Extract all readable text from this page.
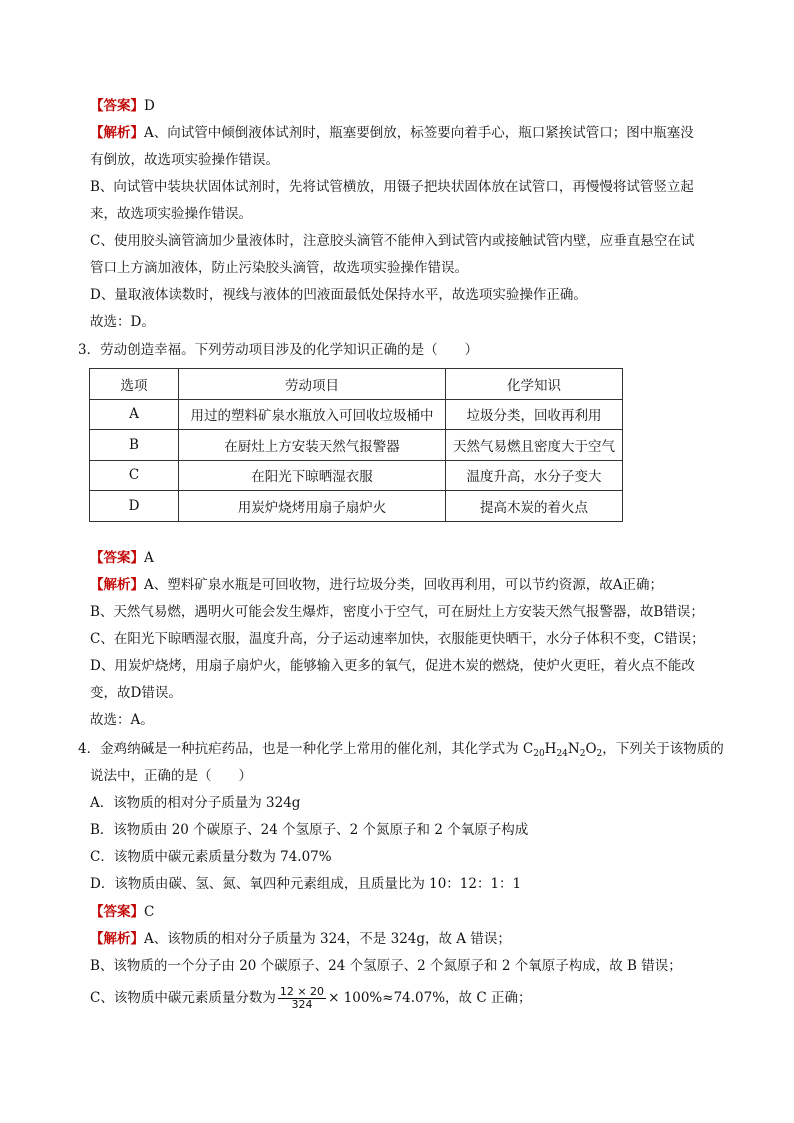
【答案】D
【解析】A、向试管中倾倒液体试剂时，瓶塞要倒放，标签要向着手心，瓶口紧挨试管口；图中瓶塞没
有倒放，故选项实验操作错误。
B、向试管中装块状固体试剂时，先将试管横放，用镊子把块状固体放在试管口，再慢慢将试管竖立起
来，故选项实验操作错误。
C、使用胶头滴管滴加少量液体时，注意胶头滴管不能伸入到试管内或接触试管内壁，应垂直悬空在试
管口上方滴加液体，防止污染胶头滴管，故选项实验操作错误。
D、量取液体读数时，视线与液体的凹液面最低处保持水平，故选项实验操作正确。
故选：D。
3．劳动创造幸福。下列劳动项目涉及的化学知识正确的是（　　）
选项	劳动项目	化学知识
A	用过的塑料矿泉水瓶放入可回收垃圾桶中	垃圾分类，回收再利用
B	在厨灶上方安装天然气报警器	天然气易燃且密度大于空气
C	在阳光下晾晒湿衣服	温度升高，水分子变大
D	用炭炉烧烤用扇子扇炉火	提高木炭的着火点
【答案】A
【解析】A、塑料矿泉水瓶是可回收物，进行垃圾分类，回收再利用，可以节约资源，故A正确；
B、天然气易燃，遇明火可能会发生爆炸，密度小于空气，可在厨灶上方安装天然气报警器，故B错误；
C、在阳光下晾晒湿衣服，温度升高，分子运动速率加快，衣服能更快晒干，水分子体积不变，C错误；
D、用炭炉烧烤，用扇子扇炉火，能够输入更多的氧气，促进木炭的燃烧，使炉火更旺，着火点不能改
变，故D错误。
故选：A。
4．金鸡纳碱是一种抗疟药品，也是一种化学上常用的催化剂，其化学式为 $C_{20}H_{24}N_2O_2$，下列关于该物质的
说法中，正确的是（　　）
A．该物质的相对分子质量为 324g
B．该物质由 20 个碳原子、24 个氢原子、2 个氮原子和 2 个氧原子构成
C．该物质中碳元素质量分数为 74.07%
D．该物质由碳、氢、氮、氧四种元素组成，且质量比为 10：12：1：1
【答案】C
【解析】A、该物质的相对分子质量为 324，不是 324g，故 A 错误；
B、该物质的一个分子由 20 个碳原子、24 个氢原子、2 个氮原子和 2 个氧原子构成，故 B 错误；
C、该物质中碳元素质量分数为 $\frac{12 \times 20}{324} \times 100\%\approx 74.07\%$，故 C 正确；
